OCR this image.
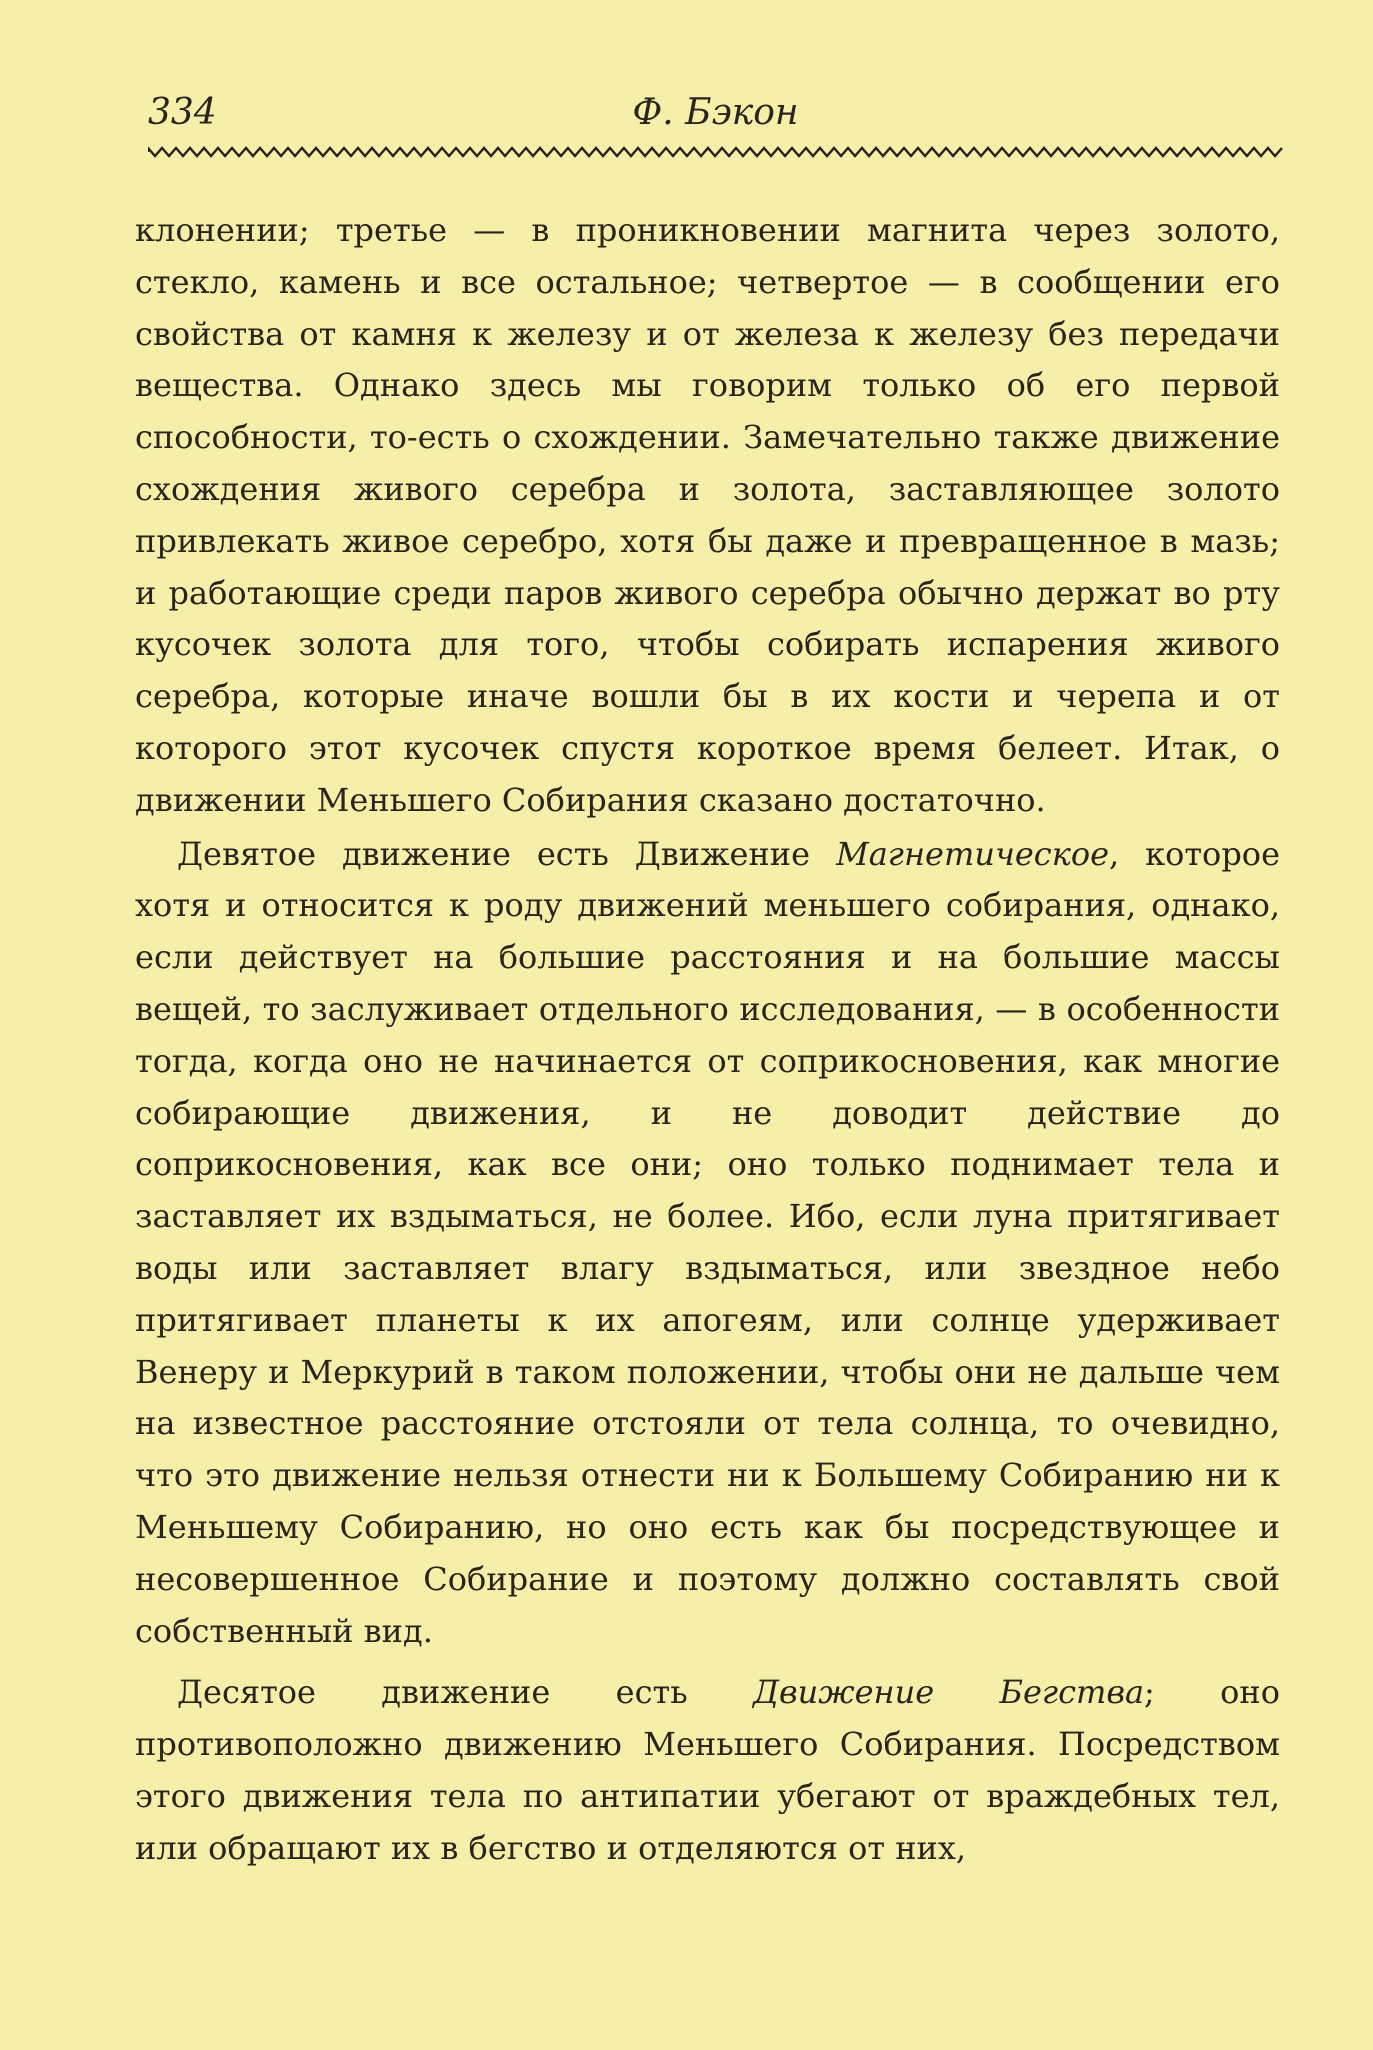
334	Ф. Бэкон

клонении; третье — в проникновении магнита через золото, стекло, камень и все остальное; четвертое — в сообщении его свойства от камня к железу и от железа к железу без передачи вещества. Однако здесь мы говорим только об его первой способности, то-есть о схождении. Замечательно также движение схождения живого серебра и золота, заставляющее золото привлекать живое серебро, хотя бы даже и превращенное в мазь; и работающие среди паров живого серебра обычно держат во рту кусочек золота для того, чтобы собирать испарения живого серебра, которые иначе вошли бы в их кости и черепа и от которого этот кусочек спустя короткое время белеет. Итак, о движении Меньшего Собирания сказано достаточно.

Девятое движение есть Движение Магнетическое, которое хотя и относится к роду движений меньшего собирания, однако, если действует на большие расстояния и на большие массы вещей, то заслуживает отдельного исследования, — в особенности тогда, когда оно не начинается от соприкосновения, как многие собирающие движения, и не доводит действие до соприкосновения, как все они; оно только поднимает тела и заставляет их вздыматься, не более. Ибо, если луна притягивает воды или заставляет влагу вздыматься, или звездное небо притягивает планеты к их апогеям, или солнце удерживает Венеру и Меркурий в таком положении, чтобы они не дальше чем на известное расстояние отстояли от тела солнца, то очевидно, что это движение нельзя отнести ни к Большему Собиранию ни к Меньшему Собиранию, но оно есть как бы посредствующее и несовершенное Собирание и поэтому должно составлять свой собственный вид.

Десятое движение есть Движение Бегства; оно противоположно движению Меньшего Собирания. Посредством этого движения тела по антипатии убегают от враждебных тел, или обращают их в бегство и отделяются от них,
